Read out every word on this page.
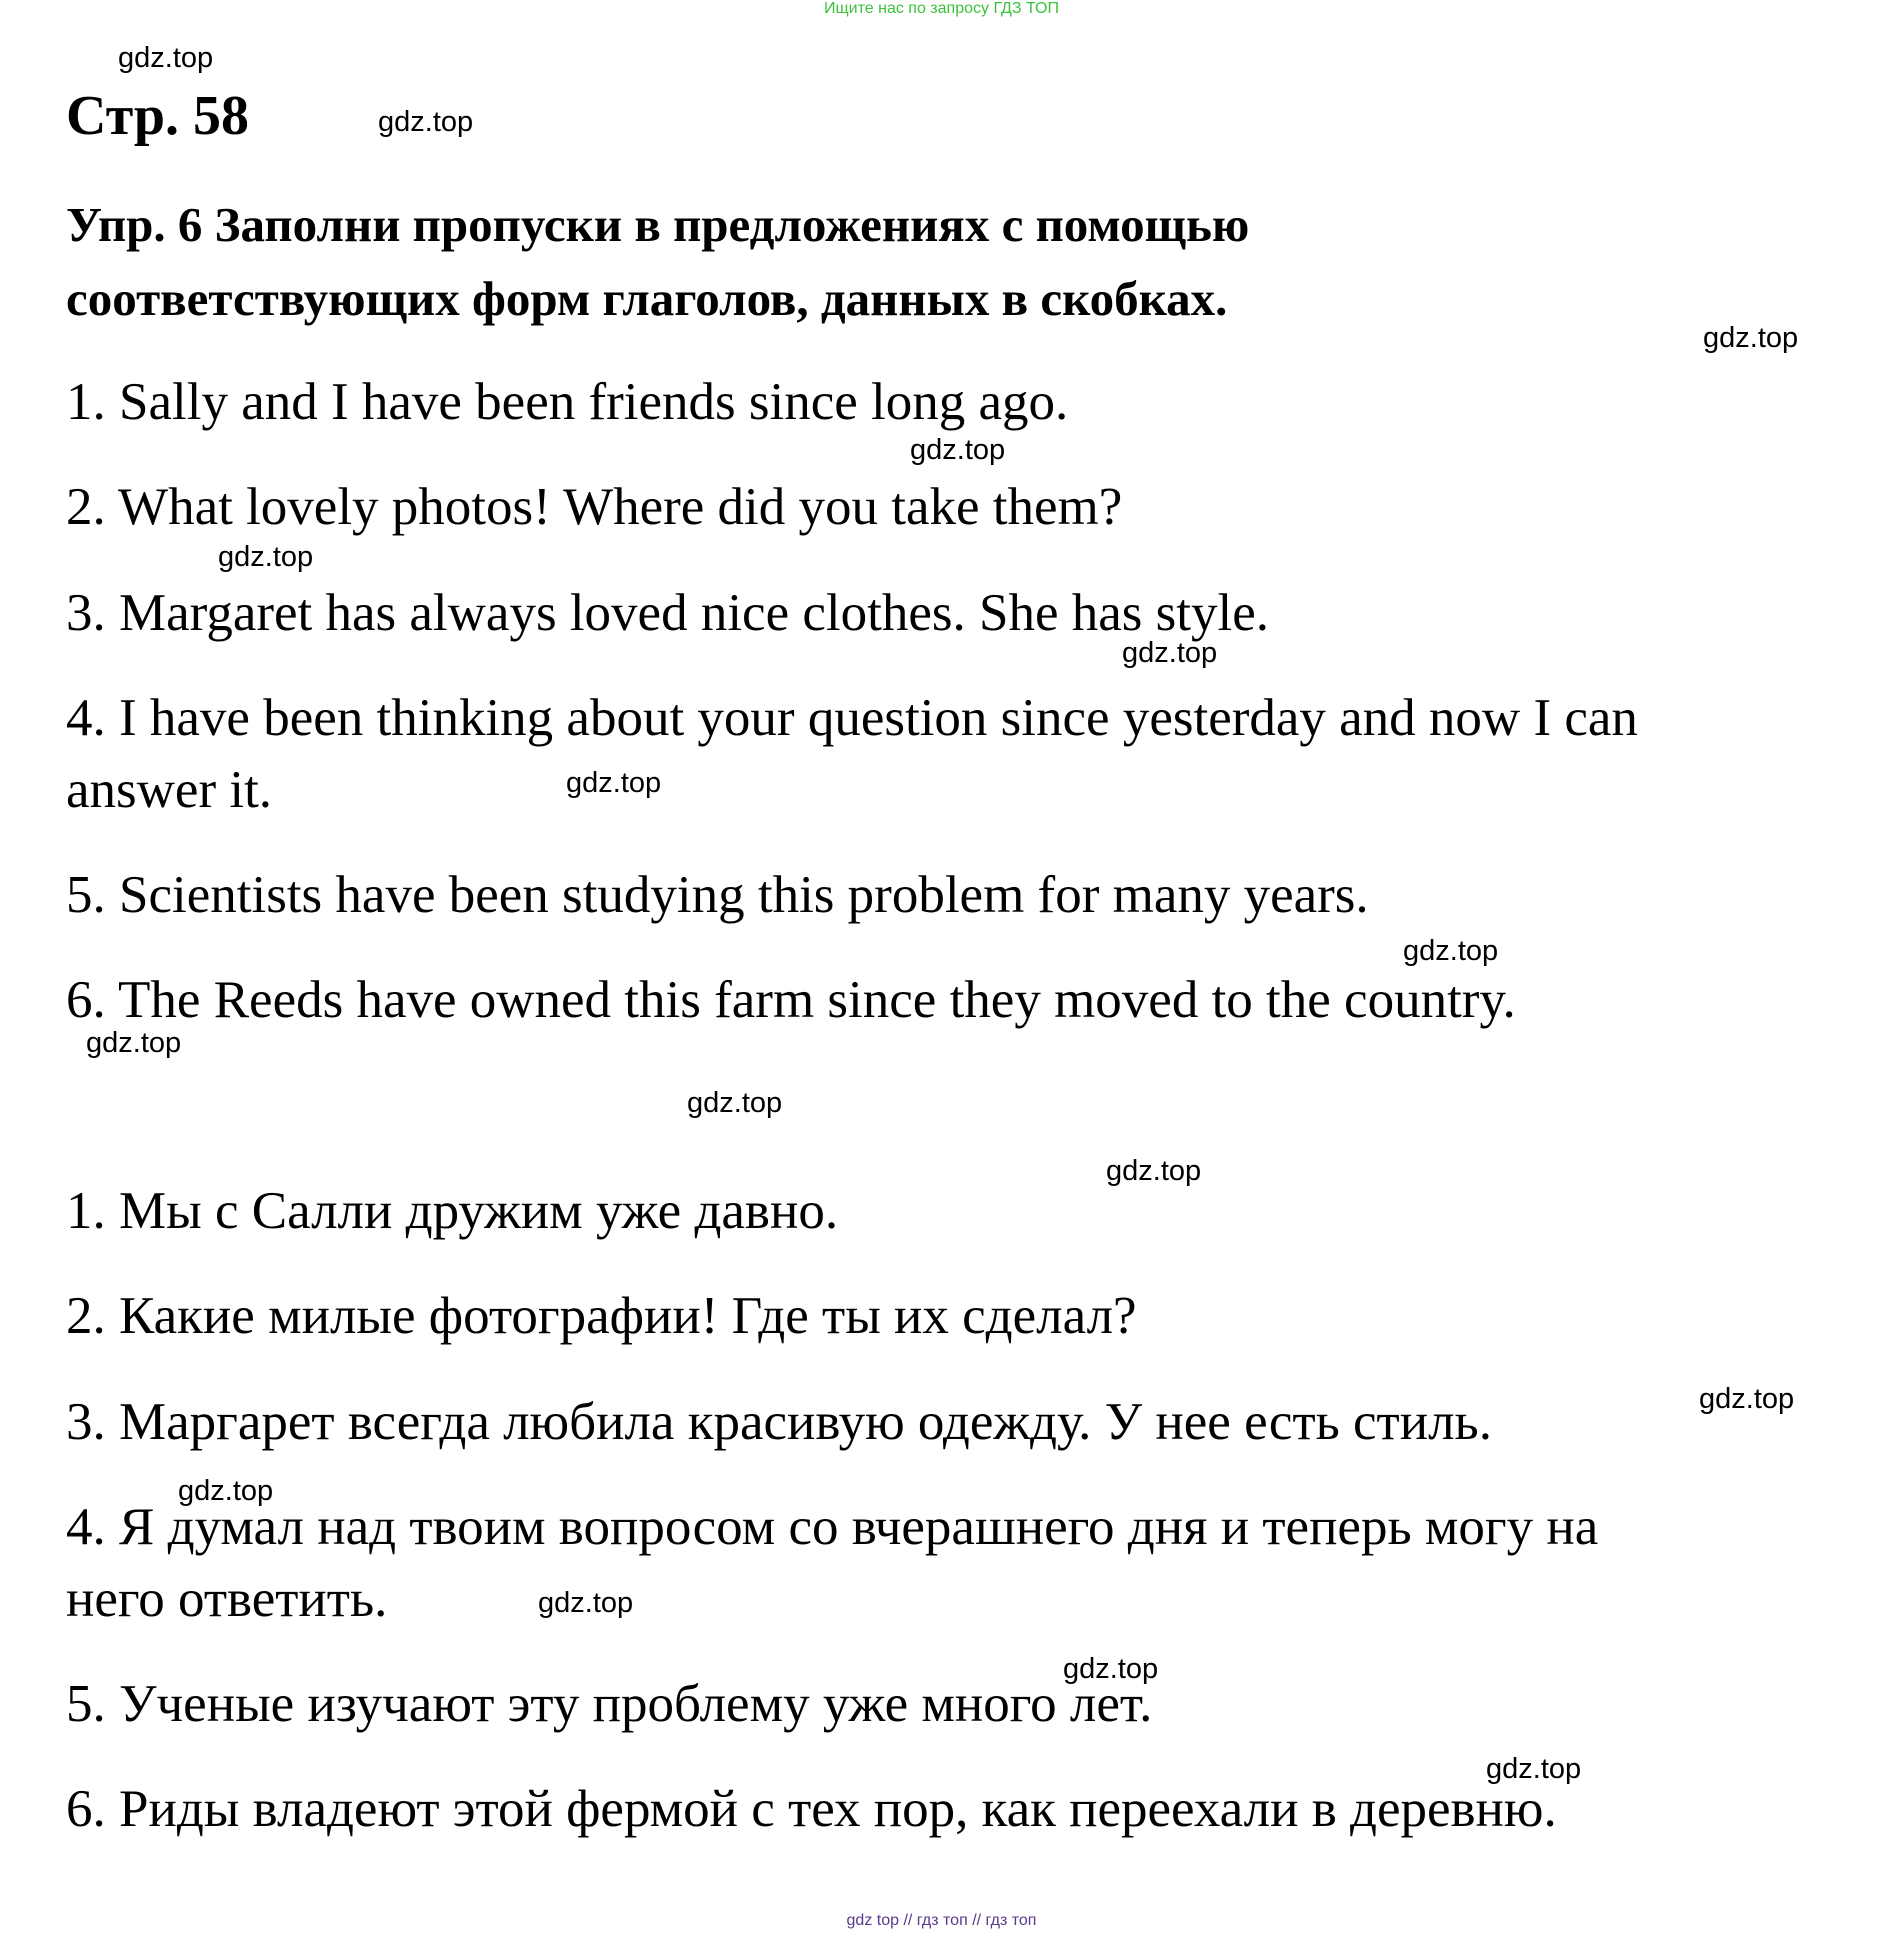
Ищите нас по запросу ГДЗ ТОП
gdz.top
gdz.top
gdz.top
gdz.top
gdz.top
gdz.top
gdz.top
gdz.top
gdz.top
gdz.top
gdz.top
gdz.top
gdz.top
gdz.top
gdz.top
gdz.top
Стр. 58
Упр. 6 Заполни пропуски в предложениях с помощью
соответствующих форм глаголов, данных в скобках.
1. Sally and I have been friends since long ago.
2. What lovely photos! Where did you take them?
3. Margaret has always loved nice clothes. She has style.
4. I have been thinking about your question since yesterday and now I can
answer it.
5. Scientists have been studying this problem for many years.
6. The Reeds have owned this farm since they moved to the country.
1. Мы с Салли дружим уже давно.
2. Какие милые фотографии! Где ты их сделал?
3. Маргарет всегда любила красивую одежду. У нее есть стиль.
4. Я думал над твоим вопросом со вчерашнего дня и теперь могу на
него ответить.
5. Ученые изучают эту проблему уже много лет.
6. Риды владеют этой фермой с тех пор, как переехали в деревню.
gdz top // гдз топ // гдз топ
